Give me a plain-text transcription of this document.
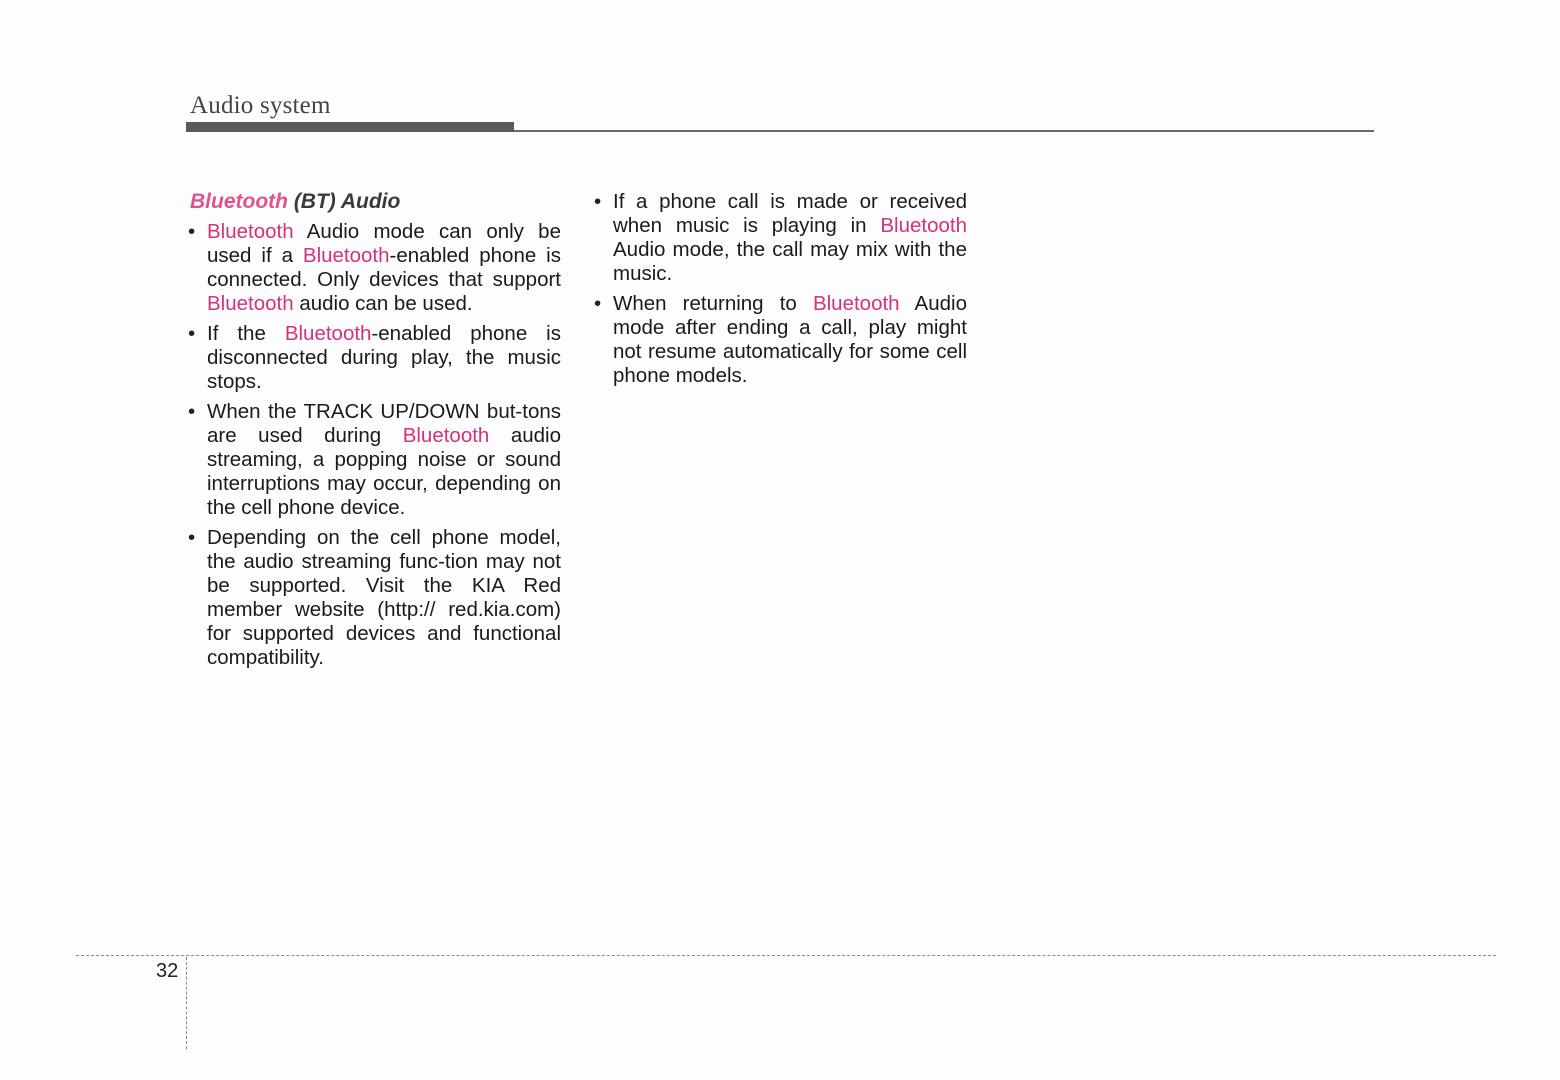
Audio system
Bluetooth (BT) Audio
• Bluetooth Audio mode can only be used if a Bluetooth-enabled phone is connected. Only devices that support Bluetooth audio can be used.
• If the Bluetooth-enabled phone is disconnected during play, the music stops.
• When the TRACK UP/DOWN but-tons are used during Bluetooth audio streaming, a popping noise or sound interruptions may occur, depending on the cell phone device.
• Depending on the cell phone model, the audio streaming func-tion may not be supported. Visit the KIA Red member website (http:// red.kia.com) for supported devices and functional compatibility.
• If a phone call is made or received when music is playing in Bluetooth Audio mode, the call may mix with the music.
• When returning to Bluetooth Audio mode after ending a call, play might not resume automatically for some cell phone models.
32
